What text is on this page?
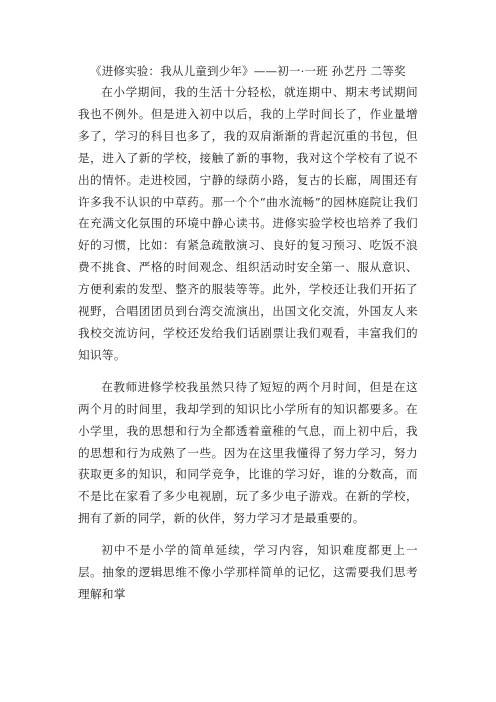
《进修实验：我从儿童到少年》——初一·一班 孙艺丹 二等奖

在小学期间，我的生活十分轻松，就连期中、期末考试期间我也不例外。但是进入初中以后，我的上学时间长了，作业量增多了，学习的科目也多了，我的双肩渐渐的背起沉重的书包，但是，进入了新的学校，接触了新的事物，我对这个学校有了说不出的情怀。走进校园，宁静的绿荫小路，复古的长廊，周围还有许多我不认识的中草药。那一个个“曲水流畅”的园林庭院让我们在充满文化氛围的环境中静心读书。进修实验学校也培养了我们好的习惯，比如：有紧急疏散演习、良好的复习预习、吃饭不浪费不挑食、严格的时间观念、组织活动时安全第一、服从意识、方便利索的发型、整齐的服装等等。此外，学校还让我们开拓了视野，合唱团团员到台湾交流演出，出国文化交流，外国友人来我校交流访问，学校还发给我们话剧票让我们观看，丰富我们的知识等。

在教师进修学校我虽然只待了短短的两个月时间，但是在这两个月的时间里，我却学到的知识比小学所有的知识都要多。在小学里，我的思想和行为全都透着童稚的气息，而上初中后，我的思想和行为成熟了一些。因为在这里我懂得了努力学习，努力获取更多的知识，和同学竞争，比谁的学习好，谁的分数高，而不是比在家看了多少电视剧，玩了多少电子游戏。在新的学校，拥有了新的同学，新的伙伴，努力学习才是最重要的。

初中不是小学的简单延续，学习内容，知识难度都更上一层。抽象的逻辑思维不像小学那样简单的记忆，这需要我们思考理解和掌
